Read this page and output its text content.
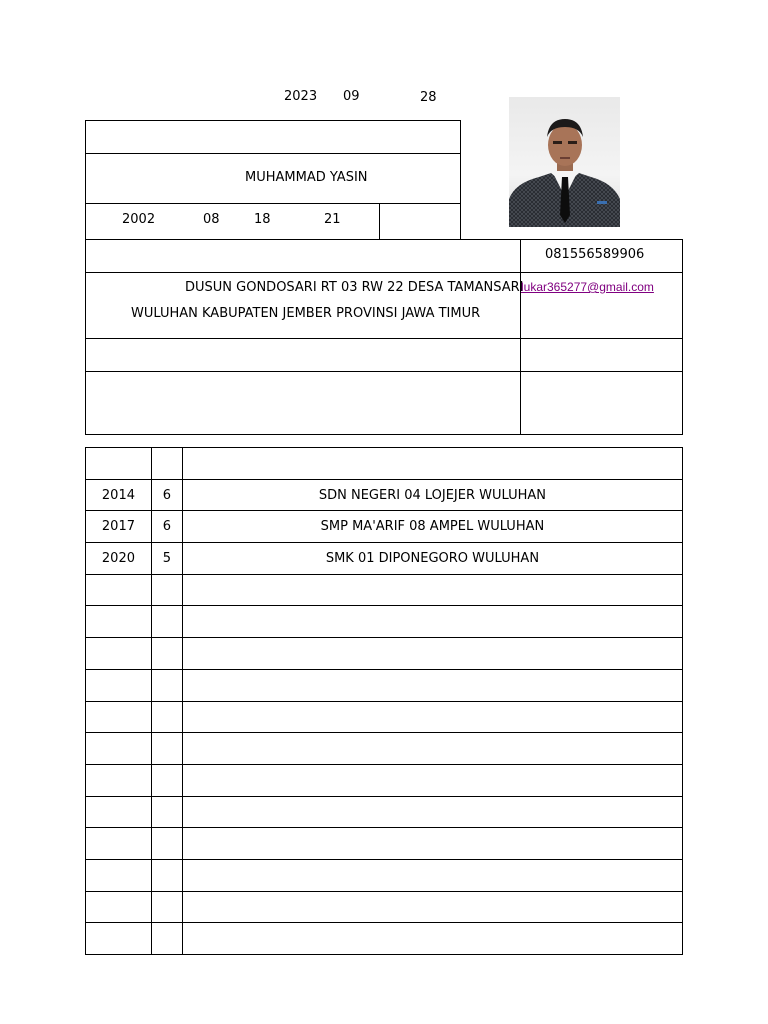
2023 09	28
MUHAMMAD YASIN
2002	08	18	21
081556589906
DUSUN GONDOSARI RT 03 RW 22 DESA TAMANSARI
WULUHAN KABUPATEN JEMBER PROVINSI JAWA TIMUR
lukar365277@gmail.com

2014	6	SDN NEGERI 04 LOJEJER WULUHAN
2017	6	SMP MA'ARIF 08 AMPEL WULUHAN
2020	5	SMK 01 DIPONEGORO WULUHAN
